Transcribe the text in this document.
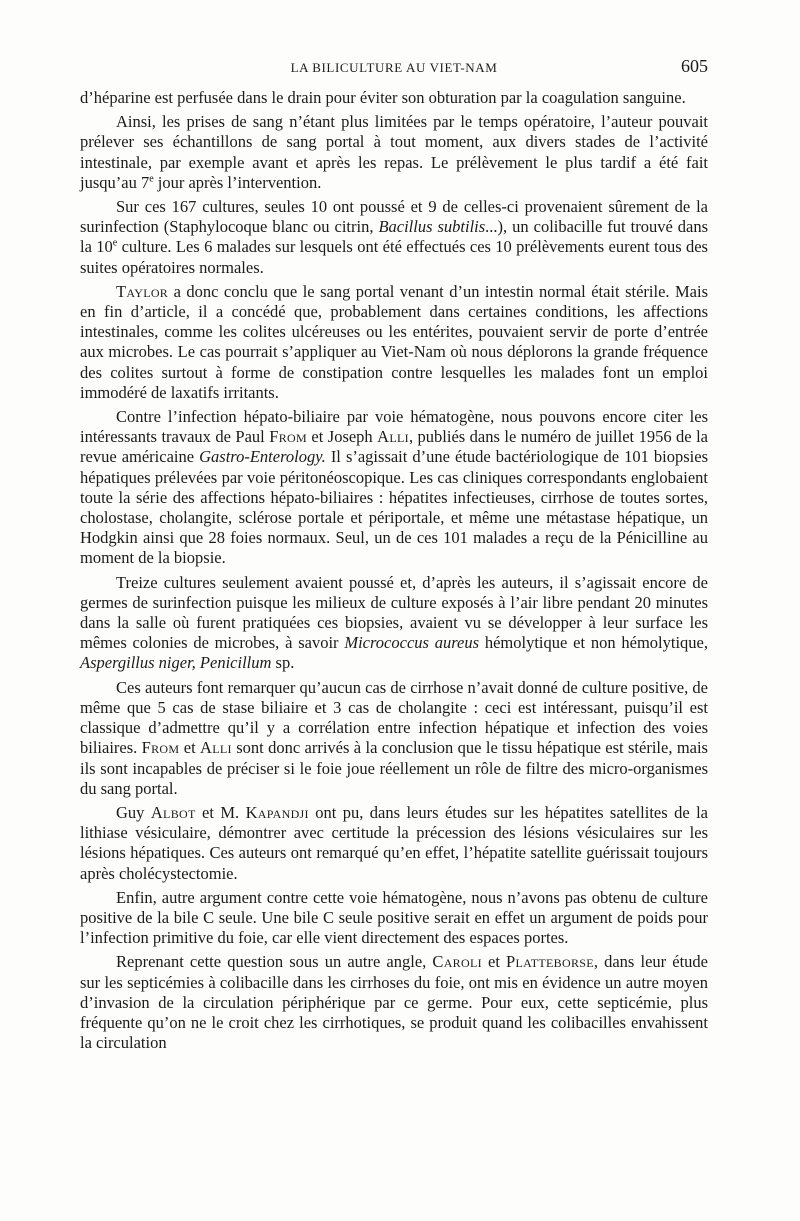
LA BILICULTURE AU VIET-NAM	605

d’héparine est perfusée dans le drain pour éviter son obturation par la coagulation sanguine.

Ainsi, les prises de sang n’étant plus limitées par le temps opératoire, l’auteur pouvait prélever ses échantillons de sang portal à tout moment, aux divers stades de l’activité intestinale, par exemple avant et après les repas. Le prélèvement le plus tardif a été fait jusqu’au 7e jour après l’intervention.

Sur ces 167 cultures, seules 10 ont poussé et 9 de celles-ci provenaient sûrement de la surinfection (Staphylocoque blanc ou citrin, Bacillus subtilis...), un colibacille fut trouvé dans la 10e culture. Les 6 malades sur lesquels ont été effectués ces 10 prélèvements eurent tous des suites opératoires normales.

Taylor a donc conclu que le sang portal venant d’un intestin normal était stérile. Mais en fin d’article, il a concédé que, probablement dans certaines conditions, les affections intestinales, comme les colites ulcéreuses ou les entérites, pouvaient servir de porte d’entrée aux microbes. Le cas pourrait s’appliquer au Viet-Nam où nous déplorons la grande fréquence des colites surtout à forme de constipation contre lesquelles les malades font un emploi immodéré de laxatifs irritants.

Contre l’infection hépato-biliaire par voie hématogène, nous pouvons encore citer les intéressants travaux de Paul From et Joseph Alli, publiés dans le numéro de juillet 1956 de la revue américaine Gastro-Enterology. Il s’agissait d’une étude bactériologique de 101 biopsies hépatiques prélevées par voie péritonéoscopique. Les cas cliniques correspondants englobaient toute la série des affections hépato-biliaires : hépatites infectieuses, cirrhose de toutes sortes, cholostase, cholangite, sclérose portale et périportale, et même une métastase hépatique, un Hodgkin ainsi que 28 foies normaux. Seul, un de ces 101 malades a reçu de la Pénicilline au moment de la biopsie.

Treize cultures seulement avaient poussé et, d’après les auteurs, il s’agissait encore de germes de surinfection puisque les milieux de culture exposés à l’air libre pendant 20 minutes dans la salle où furent pratiquées ces biopsies, avaient vu se développer à leur surface les mêmes colonies de microbes, à savoir Micrococcus aureus hémolytique et non hémolytique, Aspergillus niger, Penicillum sp.

Ces auteurs font remarquer qu’aucun cas de cirrhose n’avait donné de culture positive, de même que 5 cas de stase biliaire et 3 cas de cholangite : ceci est intéressant, puisqu’il est classique d’admettre qu’il y a corrélation entre infection hépatique et infection des voies biliaires. From et Alli sont donc arrivés à la conclusion que le tissu hépatique est stérile, mais ils sont incapables de préciser si le foie joue réellement un rôle de filtre des micro-organismes du sang portal.

Guy Albot et M. Kapandji ont pu, dans leurs études sur les hépatites satellites de la lithiase vésiculaire, démontrer avec certitude la précession des lésions vésiculaires sur les lésions hépatiques. Ces auteurs ont remarqué qu’en effet, l’hépatite satellite guérissait toujours après cholécystectomie.

Enfin, autre argument contre cette voie hématogène, nous n’avons pas obtenu de culture positive de la bile C seule. Une bile C seule positive serait en effet un argument de poids pour l’infection primitive du foie, car elle vient directement des espaces portes.

Reprenant cette question sous un autre angle, Caroli et Platteborse, dans leur étude sur les septicémies à colibacille dans les cirrhoses du foie, ont mis en évidence un autre moyen d’invasion de la circulation périphérique par ce germe. Pour eux, cette septicémie, plus fréquente qu’on ne le croit chez les cirrhotiques, se produit quand les colibacilles envahissent la circulation
